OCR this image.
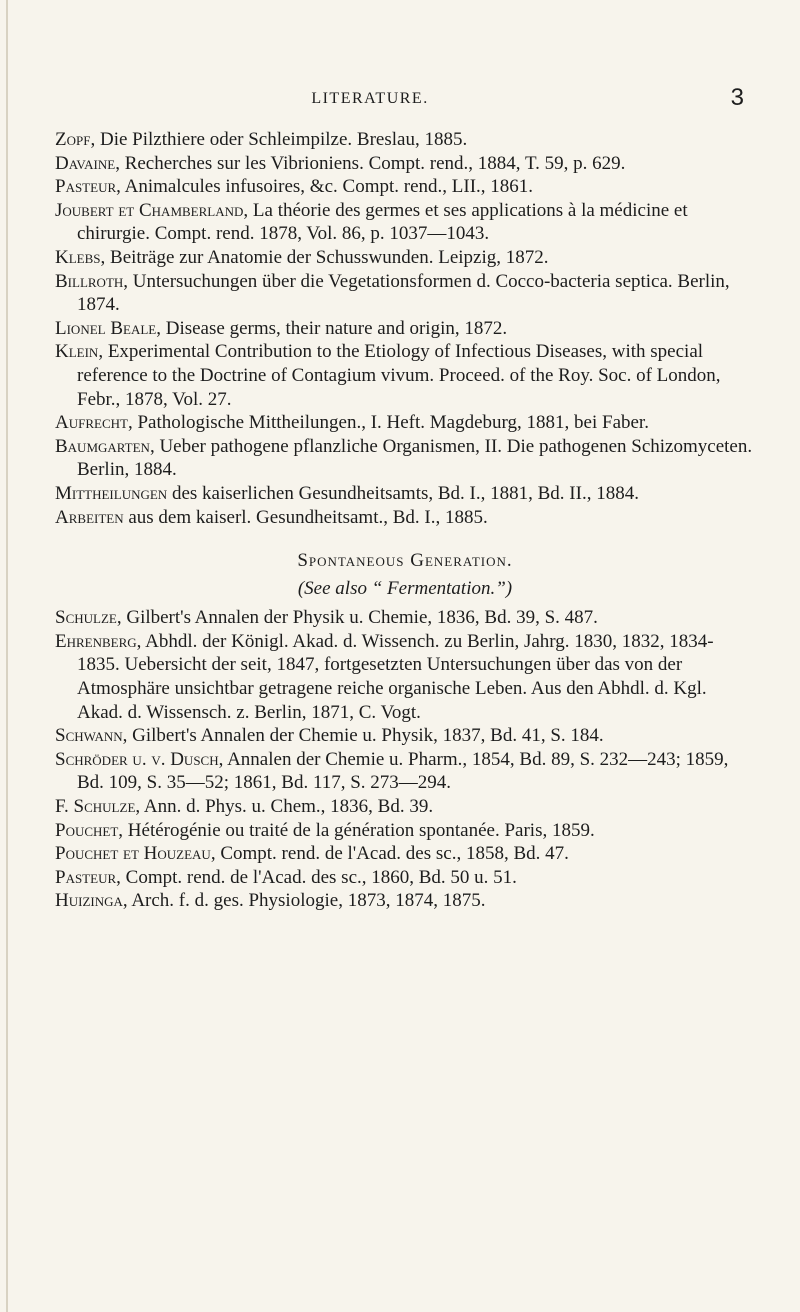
LITERATURE.	3

Zopf, Die Pilzthiere oder Schleimpilze. Breslau, 1885.

Davaine, Recherches sur les Vibrioniens. Compt. rend., 1884, T. 59, p. 629.

Pasteur, Animalcules infusoires, &c. Compt. rend., LII., 1861.

Joubert et Chamberland, La théorie des germes et ses applications à la médicine et chirurgie. Compt. rend. 1878, Vol. 86, p. 1037—1043.

Klebs, Beiträge zur Anatomie der Schusswunden. Leipzig, 1872.

Billroth, Untersuchungen über die Vegetationsformen d. Cocco-bacteria septica. Berlin, 1874.

Lionel Beale, Disease germs, their nature and origin, 1872.

Klein, Experimental Contribution to the Etiology of Infectious Diseases, with special reference to the Doctrine of Contagium vivum. Proceed. of the Roy. Soc. of London, Febr., 1878, Vol. 27.

Aufrecht, Pathologische Mittheilungen., I. Heft. Magdeburg, 1881, bei Faber.

Baumgarten, Ueber pathogene pflanzliche Organismen, II. Die pathogenen Schizomyceten. Berlin, 1884.

Mittheilungen des kaiserlichen Gesundheitsamts, Bd. I., 1881, Bd. II., 1884.

Arbeiten aus dem kaiserl. Gesundheitsamt., Bd. I., 1885.

Spontaneous Generation.
(See also “ Fermentation.”)

Schulze, Gilbert's Annalen der Physik u. Chemie, 1836, Bd. 39, S. 487.

Ehrenberg, Abhdl. der Königl. Akad. d. Wissench. zu Berlin, Jahrg. 1830, 1832, 1834-1835. Uebersicht der seit, 1847, fortgesetzten Untersuchungen über das von der Atmosphäre unsichtbar getragene reiche organische Leben. Aus den Abhdl. d. Kgl. Akad. d. Wissensch. z. Berlin, 1871, C. Vogt.

Schwann, Gilbert's Annalen der Chemie u. Physik, 1837, Bd. 41, S. 184.

Schröder u. v. Dusch, Annalen der Chemie u. Pharm., 1854, Bd. 89, S. 232—243; 1859, Bd. 109, S. 35—52; 1861, Bd. 117, S. 273—294.

F. Schulze, Ann. d. Phys. u. Chem., 1836, Bd. 39.

Pouchet, Hétérogénie ou traité de la génération spontanée. Paris, 1859.

Pouchet et Houzeau, Compt. rend. de l'Acad. des sc., 1858, Bd. 47.

Pasteur, Compt. rend. de l'Acad. des sc., 1860, Bd. 50 u. 51.

Huizinga, Arch. f. d. ges. Physiologie, 1873, 1874, 1875.
